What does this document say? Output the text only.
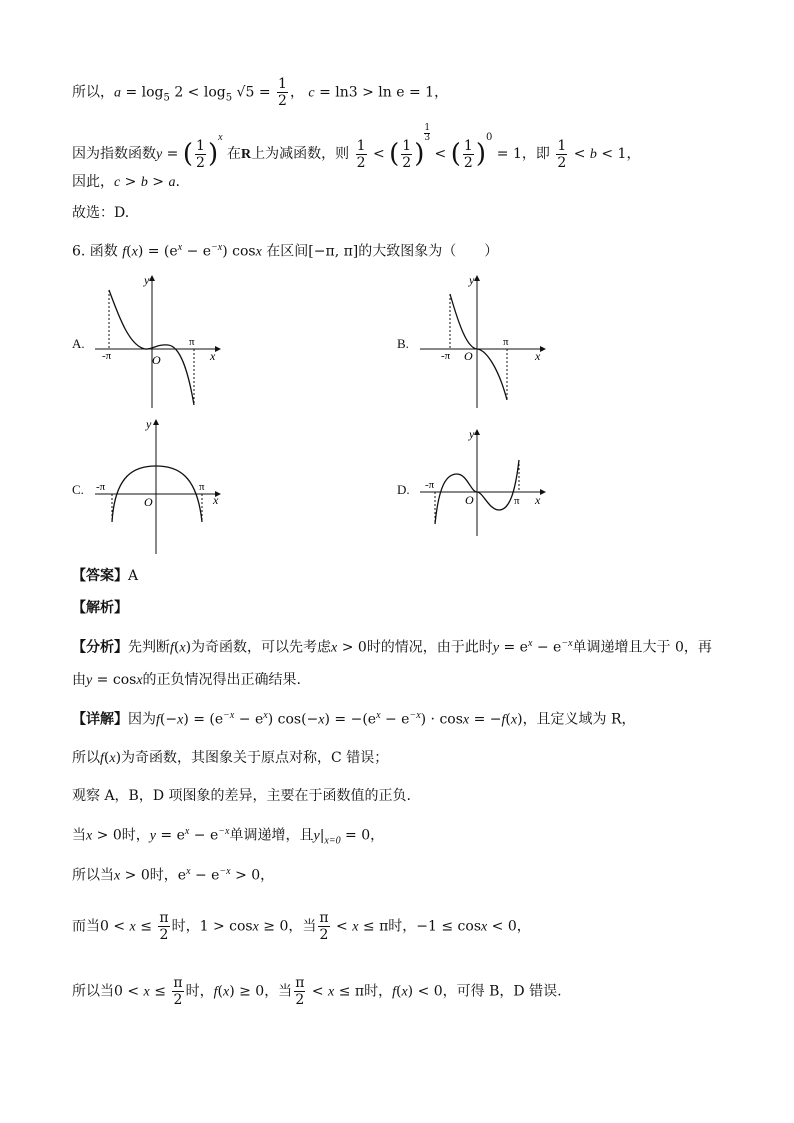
所以，$a = \log_5 2 < \log_5 √5 = \frac{1}{2}$ ， c = ln3 > ln e = 1，
因为指数函数y = ( $\frac{1}{2} )^x$ 在R上为减函数，则 $\frac{1}{2}$ < ( $\frac{1}{2}$ )
$^{\frac{1}{3}}$
< ( $\frac{1}{2} )^0 = 1$，即 $\frac{1}{2} < b < 1$，
因此，c > b > a.
故选：D.
6. 函数 $f(x) = (e^x - e^{-x})$ cosx 在区间[−π, π]的大致图象为（　　）
A.	B.
C.	D.
y
x
O
-π
π
y
x
O
-π
π
y
x
O
-π	π
y
x
O
-π
π
【答案】A
【解析】
【分析】先判断f(x)为奇函数，可以先考虑x > 0时的情况，由于此时$y = e^x - e^{-x}$单调递增且大于 0，再
由y = cosx的正负情况得出正确结果.
【详解】因为$f(-x) = (e^{-x} - e^x) \cos(-x) = -(e^x - e^{-x}) \cdot \cos x = -f(x)$，且定义域为 R，
所以f(x)为奇函数，其图象关于原点对称，C 错误；
观察 A，B，D 项图象的差异，主要在于函数值的正负.
当x > 0时，$y = e^x - e^{-x}$单调递增，且$y|_{x=0} = 0$，
所以当x > 0时，$e^x - e^{-x} > 0$，
而当$0 < x \le \frac{\pi}{2}$ 时，1 > cosx ≥ 0，当 $\frac{\pi}{2} < x \le \pi$时，−1 ≤ cosx < 0，
所以当$0 < x \le \frac{\pi}{2}$ 时，f(x) ≥ 0，当 $\frac{\pi}{2} < x \le \pi$时，f(x) < 0，可得 B，D 错误.
